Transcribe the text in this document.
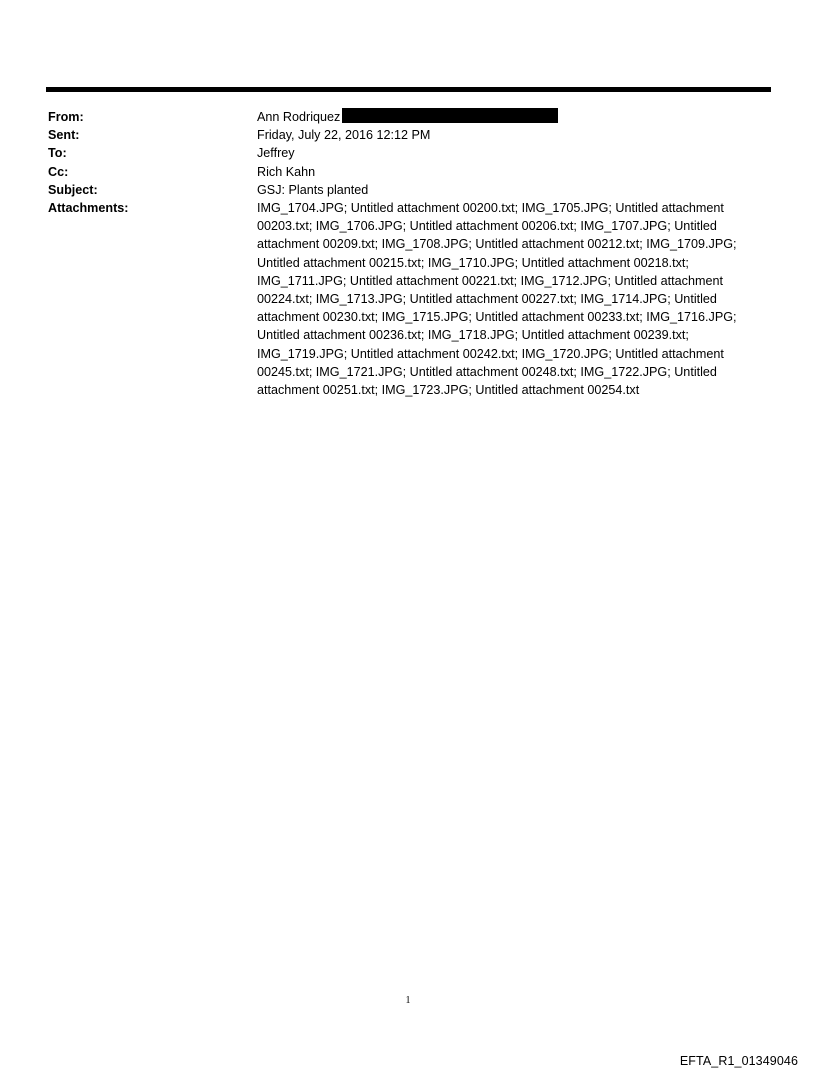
From:	Ann Rodriquez
Sent:	Friday, July 22, 2016 12:12 PM
To:	Jeffrey
Cc:	Rich Kahn
Subject:	GSJ: Plants planted
Attachments:	IMG_1704.JPG; Untitled attachment 00200.txt; IMG_1705.JPG; Untitled attachment 00203.txt; IMG_1706.JPG; Untitled attachment 00206.txt; IMG_1707.JPG; Untitled attachment 00209.txt; IMG_1708.JPG; Untitled attachment 00212.txt; IMG_1709.JPG; Untitled attachment 00215.txt; IMG_1710.JPG; Untitled attachment 00218.txt; IMG_1711.JPG; Untitled attachment 00221.txt; IMG_1712.JPG; Untitled attachment 00224.txt; IMG_1713.JPG; Untitled attachment 00227.txt; IMG_1714.JPG; Untitled attachment 00230.txt; IMG_1715.JPG; Untitled attachment 00233.txt; IMG_1716.JPG; Untitled attachment 00236.txt; IMG_1718.JPG; Untitled attachment 00239.txt; IMG_1719.JPG; Untitled attachment 00242.txt; IMG_1720.JPG; Untitled attachment 00245.txt; IMG_1721.JPG; Untitled attachment 00248.txt; IMG_1722.JPG; Untitled attachment 00251.txt; IMG_1723.JPG; Untitled attachment 00254.txt
1
EFTA_R1_01349046
